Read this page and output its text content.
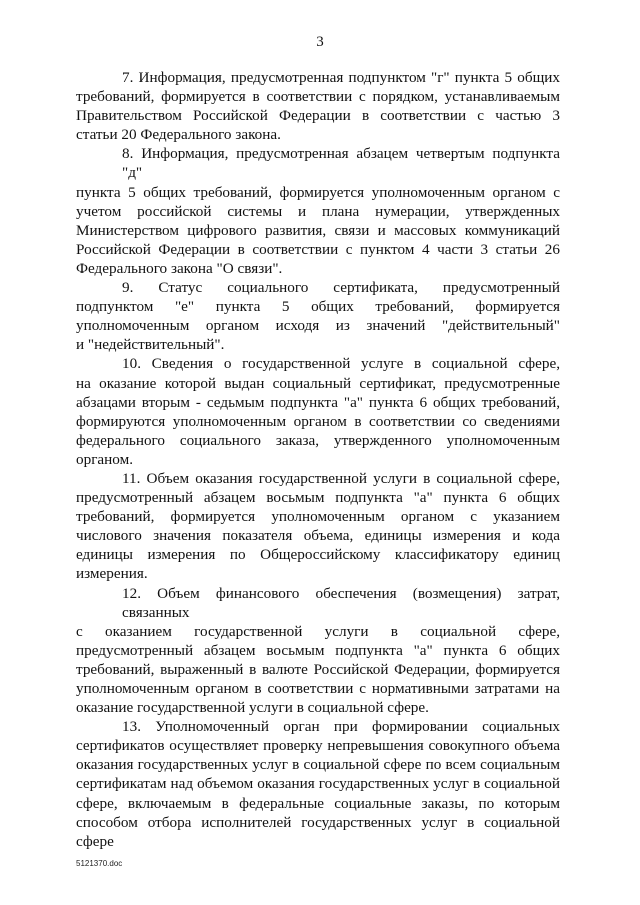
3
7. Информация, предусмотренная подпунктом "г" пункта 5 общих
требований, формируется в соответствии с порядком, устанавливаемым
Правительством Российской Федерации в соответствии с частью 3
статьи 20 Федерального закона.
8. Информация, предусмотренная абзацем четвертым подпункта "д"
пункта 5 общих требований, формируется уполномоченным органом с
учетом российской системы и плана нумерации, утвержденных
Министерством цифрового развития, связи и массовых коммуникаций
Российской Федерации в соответствии с пунктом 4 части 3 статьи 26
Федерального закона "О связи".
9. Статус социального сертификата, предусмотренный
подпунктом "е" пункта 5 общих требований, формируется
уполномоченным органом исходя из значений "действительный"
и "недействительный".
10. Сведения о государственной услуге в социальной сфере,
на оказание которой выдан социальный сертификат, предусмотренные
абзацами вторым - седьмым подпункта "а" пункта 6 общих требований,
формируются уполномоченным органом в соответствии со сведениями
федерального социального заказа, утвержденного уполномоченным
органом.
11. Объем оказания государственной услуги в социальной сфере,
предусмотренный абзацем восьмым подпункта "а" пункта 6 общих
требований, формируется уполномоченным органом с указанием
числового значения показателя объема, единицы измерения и кода
единицы измерения по Общероссийскому классификатору единиц
измерения.
12. Объем финансового обеспечения (возмещения) затрат, связанных
с оказанием государственной услуги в социальной сфере,
предусмотренный абзацем восьмым подпункта "а" пункта 6 общих
требований, выраженный в валюте Российской Федерации, формируется
уполномоченным органом в соответствии с нормативными затратами на
оказание государственной услуги в социальной сфере.
13. Уполномоченный орган при формировании социальных
сертификатов осуществляет проверку непревышения совокупного объема
оказания государственных услуг в социальной сфере по всем социальным
сертификатам над объемом оказания государственных услуг в социальной
сфере, включаемым в федеральные социальные заказы, по которым
способом отбора исполнителей государственных услуг в социальной сфере
5121370.doc
